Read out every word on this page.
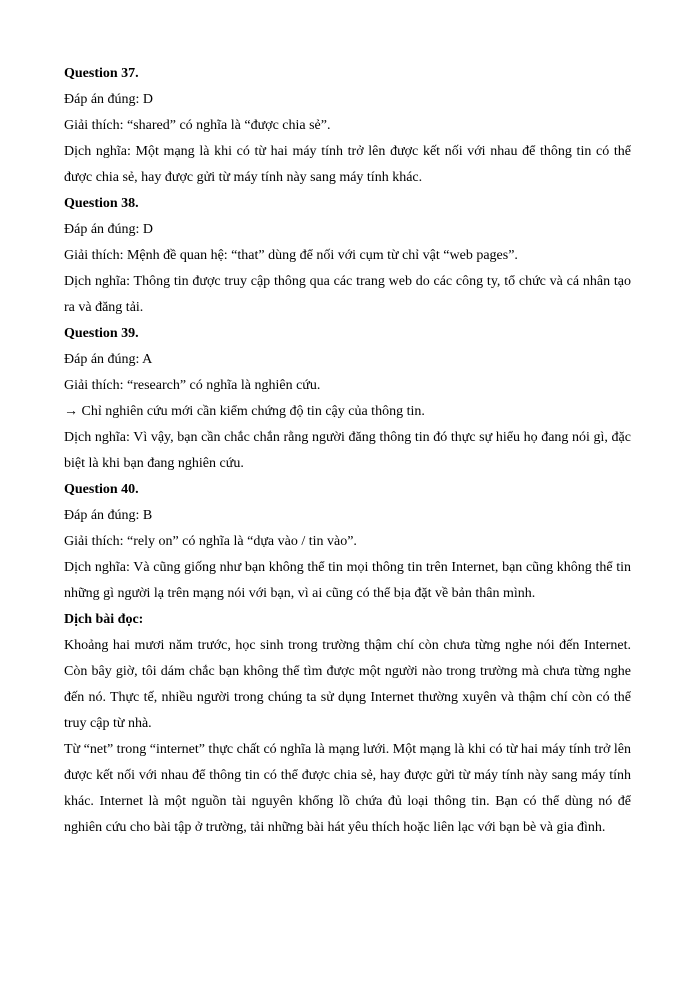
Question 37.

Đáp án đúng: D

Giải thích: “shared” có nghĩa là “được chia sẻ”.

Dịch nghĩa: Một mạng là khi có từ hai máy tính trở lên được kết nối với nhau để thông tin có thể được chia sẻ, hay được gửi từ máy tính này sang máy tính khác.

Question 38.

Đáp án đúng: D

Giải thích: Mệnh đề quan hệ: “that” dùng để nối với cụm từ chỉ vật “web pages”.

Dịch nghĩa: Thông tin được truy cập thông qua các trang web do các công ty, tổ chức và cá nhân tạo ra và đăng tải.

Question 39.

Đáp án đúng: A

Giải thích: “research” có nghĩa là nghiên cứu.

→ Chỉ nghiên cứu mới cần kiểm chứng độ tin cậy của thông tin.

Dịch nghĩa: Vì vậy, bạn cần chắc chắn rằng người đăng thông tin đó thực sự hiểu họ đang nói gì, đặc biệt là khi bạn đang nghiên cứu.

Question 40.

Đáp án đúng: B

Giải thích: “rely on” có nghĩa là “dựa vào / tin vào”.

Dịch nghĩa: Và cũng giống như bạn không thể tin mọi thông tin trên Internet, bạn cũng không thể tin những gì người lạ trên mạng nói với bạn, vì ai cũng có thể bịa đặt về bản thân mình.

Dịch bài đọc:

Khoảng hai mươi năm trước, học sinh trong trường thậm chí còn chưa từng nghe nói đến Internet. Còn bây giờ, tôi dám chắc bạn không thể tìm được một người nào trong trường mà chưa từng nghe đến nó. Thực tế, nhiều người trong chúng ta sử dụng Internet thường xuyên và thậm chí còn có thể truy cập từ nhà.

Từ “net” trong “internet” thực chất có nghĩa là mạng lưới. Một mạng là khi có từ hai máy tính trở lên được kết nối với nhau để thông tin có thể được chia sẻ, hay được gửi từ máy tính này sang máy tính khác. Internet là một nguồn tài nguyên khổng lồ chứa đủ loại thông tin. Bạn có thể dùng nó để nghiên cứu cho bài tập ở trường, tải những bài hát yêu thích hoặc liên lạc với bạn bè và gia đình.
